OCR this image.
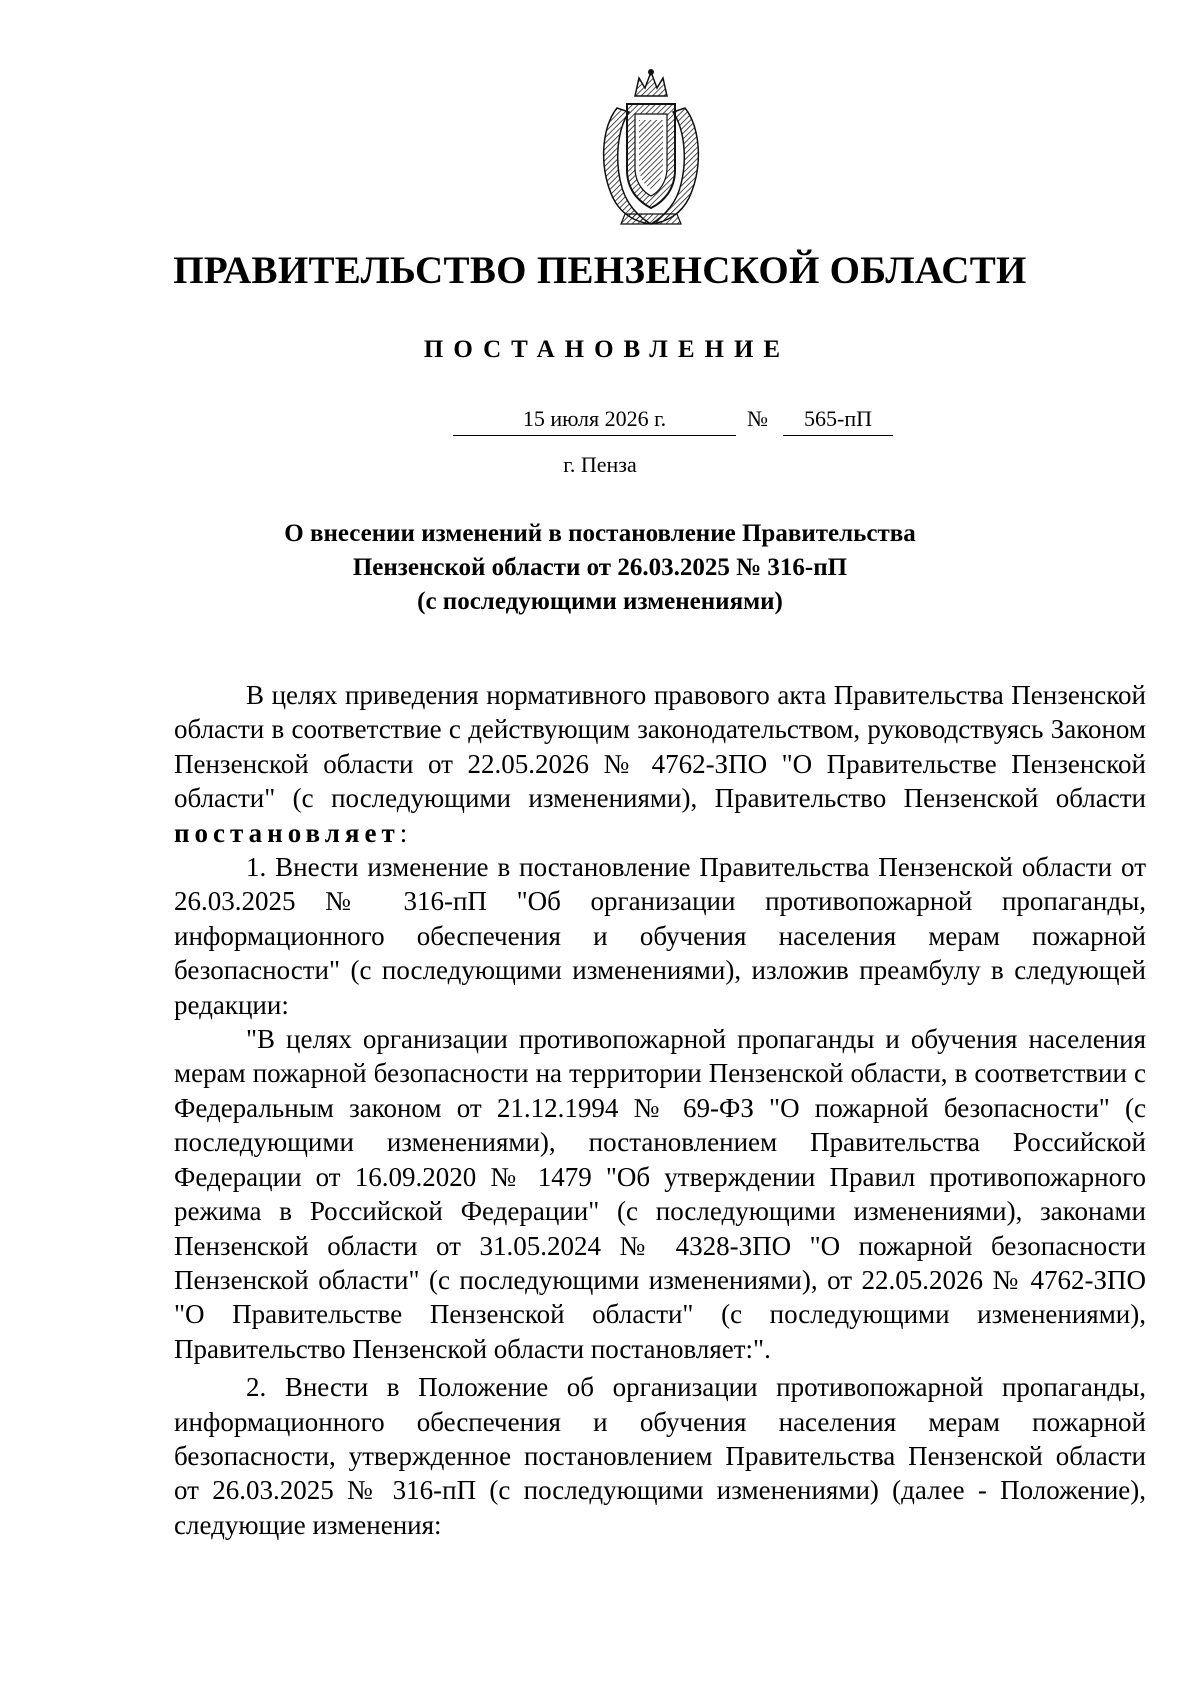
ПРАВИТЕЛЬСТВО ПЕНЗЕНСКОЙ ОБЛАСТИ
ПОСТАНОВЛЕНИЕ
15 июля 2026 г.	№	565-пП
г. Пенза
О внесении изменений в постановление Правительства
Пензенской области от 26.03.2025 № 316-пП
(с последующими изменениями)

В целях приведения нормативного правового акта Правительства Пензенской области в соответствие с действующим законодательством, руководствуясь Законом Пензенской области от 22.05.2026 № 4762-ЗПО "О Правительстве Пензенской области" (с последующими изменениями), Правительство Пензенской области постановляет:

1. Внести изменение в постановление Правительства Пензенской области от 26.03.2025 № 316-пП "Об организации противопожарной пропаганды, информационного обеспечения и обучения населения мерам пожарной безопасности" (с последующими изменениями), изложив преамбулу в следующей редакции:

"В целях организации противопожарной пропаганды и обучения населения мерам пожарной безопасности на территории Пензенской области, в соответствии с Федеральным законом от 21.12.1994 № 69-ФЗ "О пожарной безопасности" (с последующими изменениями), постановлением Правительства Российской Федерации от 16.09.2020 № 1479 "Об утверждении Правил противопожарного режима в Российской Федерации" (с последующими изменениями), законами Пензенской области от 31.05.2024 № 4328-ЗПО "О пожарной безопасности Пензенской области" (с последующими изменениями), от 22.05.2026 № 4762-ЗПО "О Правительстве Пензенской области" (с последующими изменениями), Правительство Пензенской области постановляет:".

2. Внести в Положение об организации противопожарной пропаганды, информационного обеспечения и обучения населения мерам пожарной безопасности, утвержденное постановлением Правительства Пензенской области от 26.03.2025 № 316-пП (с последующими изменениями) (далее - Положение), следующие изменения:
